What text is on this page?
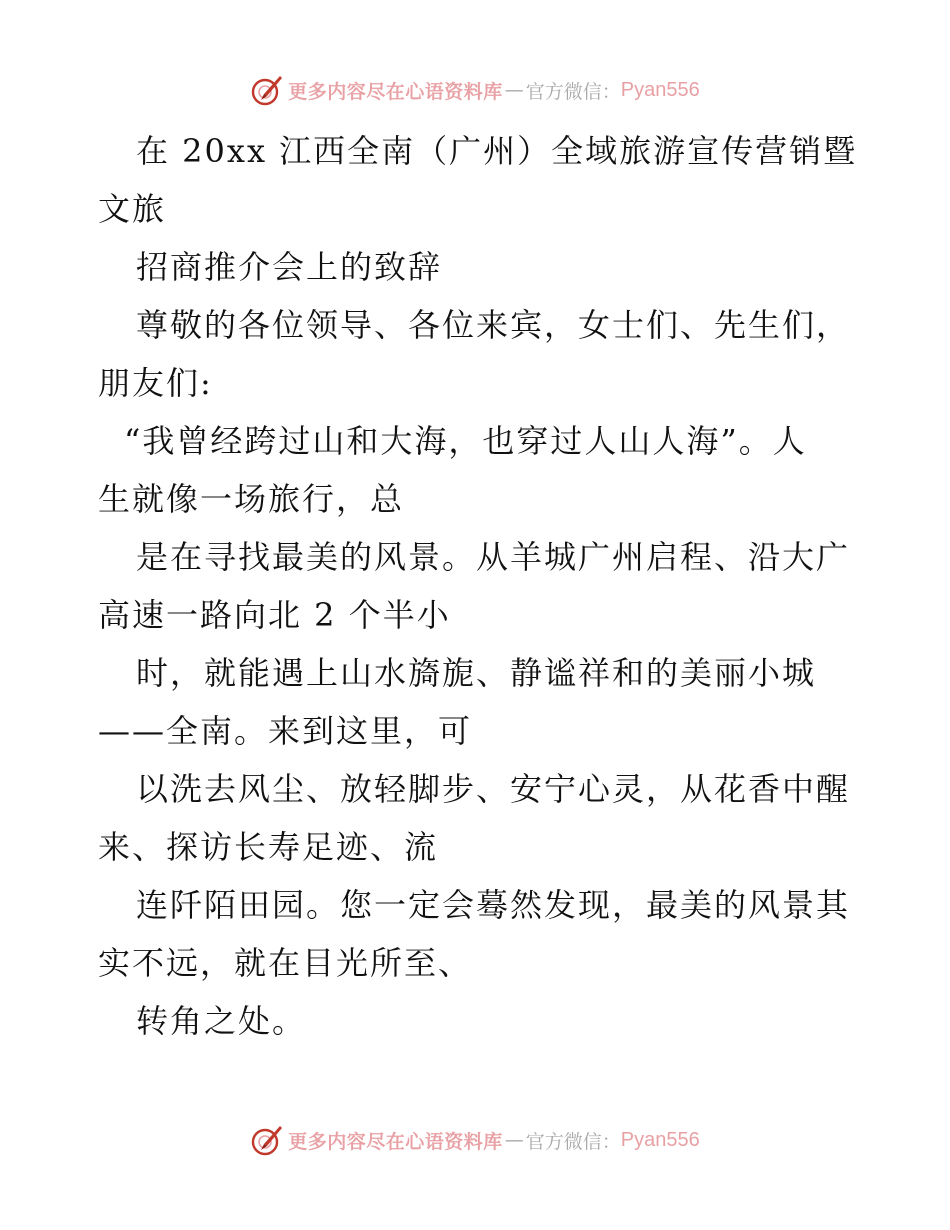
更多内容尽在心语资料库 — 官方微信： Pyan556
在 20xx 江西全南（广州）全域旅游宣传营销暨
文旅
招商推介会上的致辞
尊敬的各位领导、各位来宾，女士们、先生们，
朋友们:
“我曾经跨过山和大海，也穿过人山人海”。人
生就像一场旅行，总
是在寻找最美的风景。从羊城广州启程、沿大广
高速一路向北 2 个半小
时，就能遇上山水旖旎、静谧祥和的美丽小城
——全南。来到这里，可
以洗去风尘、放轻脚步、安宁心灵，从花香中醒
来、探访长寿足迹、流
连阡陌田园。您一定会蓦然发现，最美的风景其
实不远，就在目光所至、
转角之处。
更多内容尽在心语资料库 — 官方微信： Pyan556
